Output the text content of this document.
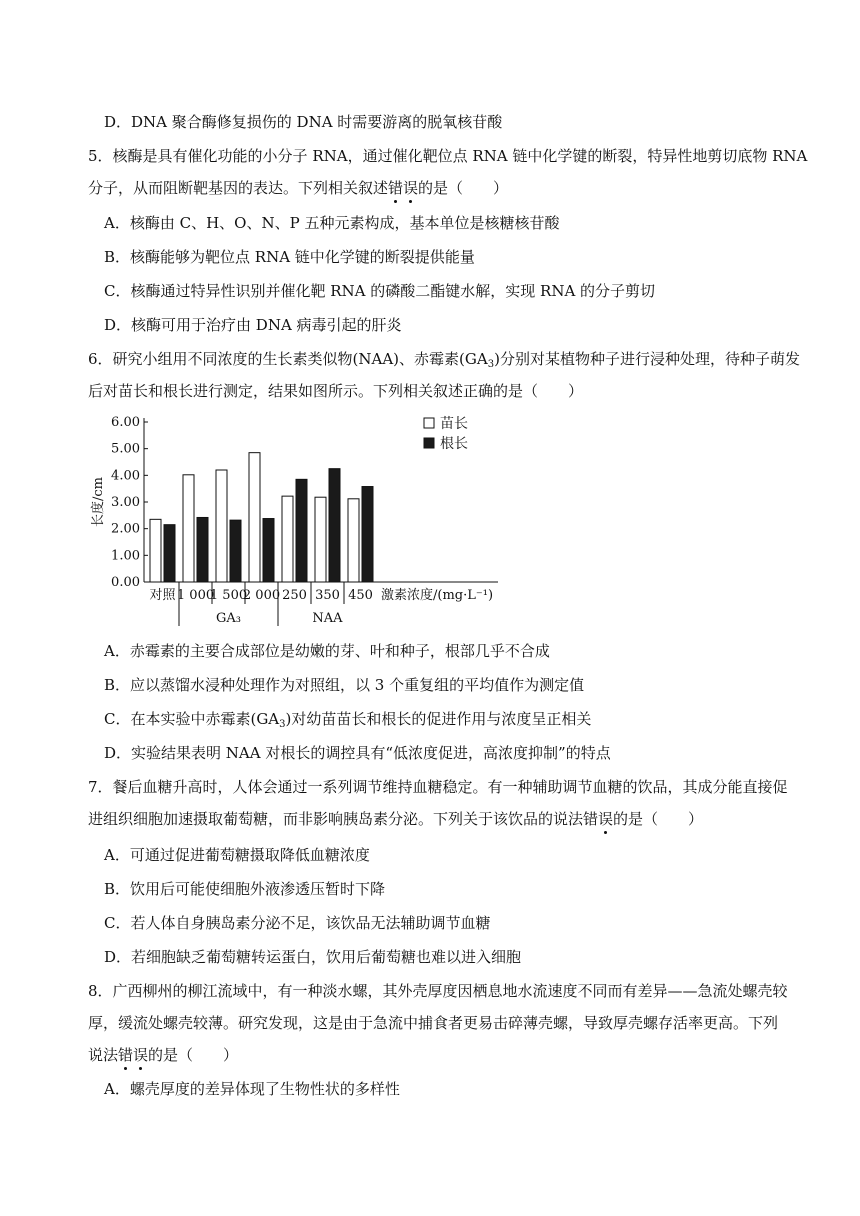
D．DNA 聚合酶修复损伤的 DNA 时需要游离的脱氧核苷酸
5．核酶是具有催化功能的小分子 RNA，通过催化靶位点 RNA 链中化学键的断裂，特异性地剪切底物 RNA
分子，从而阻断靶基因的表达。下列相关叙述错误的是（　　）
A．核酶由 C、H、O、N、P 五种元素构成，基本单位是核糖核苷酸
B．核酶能够为靶位点 RNA 链中化学键的断裂提供能量
C．核酶通过特异性识别并催化靶 RNA 的磷酸二酯键水解，实现 RNA 的分子剪切
D．核酶可用于治疗由 DNA 病毒引起的肝炎
6．研究小组用不同浓度的生长素类似物(NAA)、赤霉素$(GA_3)$分别对某植物种子进行浸种处理，待种子萌发
后对苗长和根长进行测定，结果如图所示。下列相关叙述正确的是（　　）
6.00
5.00
4.00
3.00
2.00
1.00
0.00
长度/cm
对照 1 000
1 500
2 000 250 350 450
GA₃	NAA
激素浓度/(mg·L⁻¹)
苗长
根长
A．赤霉素的主要合成部位是幼嫩的芽、叶和种子，根部几乎不合成
B．应以蒸馏水浸种处理作为对照组，以 3 个重复组的平均值作为测定值
C．在本实验中赤霉素$(GA_3)$对幼苗苗长和根长的促进作用与浓度呈正相关
D．实验结果表明 NAA 对根长的调控具有“低浓度促进，高浓度抑制”的特点
7．餐后血糖升高时，人体会通过一系列调节维持血糖稳定。有一种辅助调节血糖的饮品，其成分能直接促
进组织细胞加速摄取葡萄糖，而非影响胰岛素分泌。下列关于该饮品的说法错误的是（　　）
A．可通过促进葡萄糖摄取降低血糖浓度
B．饮用后可能使细胞外液渗透压暂时下降
C．若人体自身胰岛素分泌不足，该饮品无法辅助调节血糖
D．若细胞缺乏葡萄糖转运蛋白，饮用后葡萄糖也难以进入细胞
8．广西柳州的柳江流域中，有一种淡水螺，其外壳厚度因栖息地水流速度不同而有差异——急流处螺壳较
厚，缓流处螺壳较薄。研究发现，这是由于急流中捕食者更易击碎薄壳螺，导致厚壳螺存活率更高。下列
说法错误的是（　　）
A．螺壳厚度的差异体现了生物性状的多样性
